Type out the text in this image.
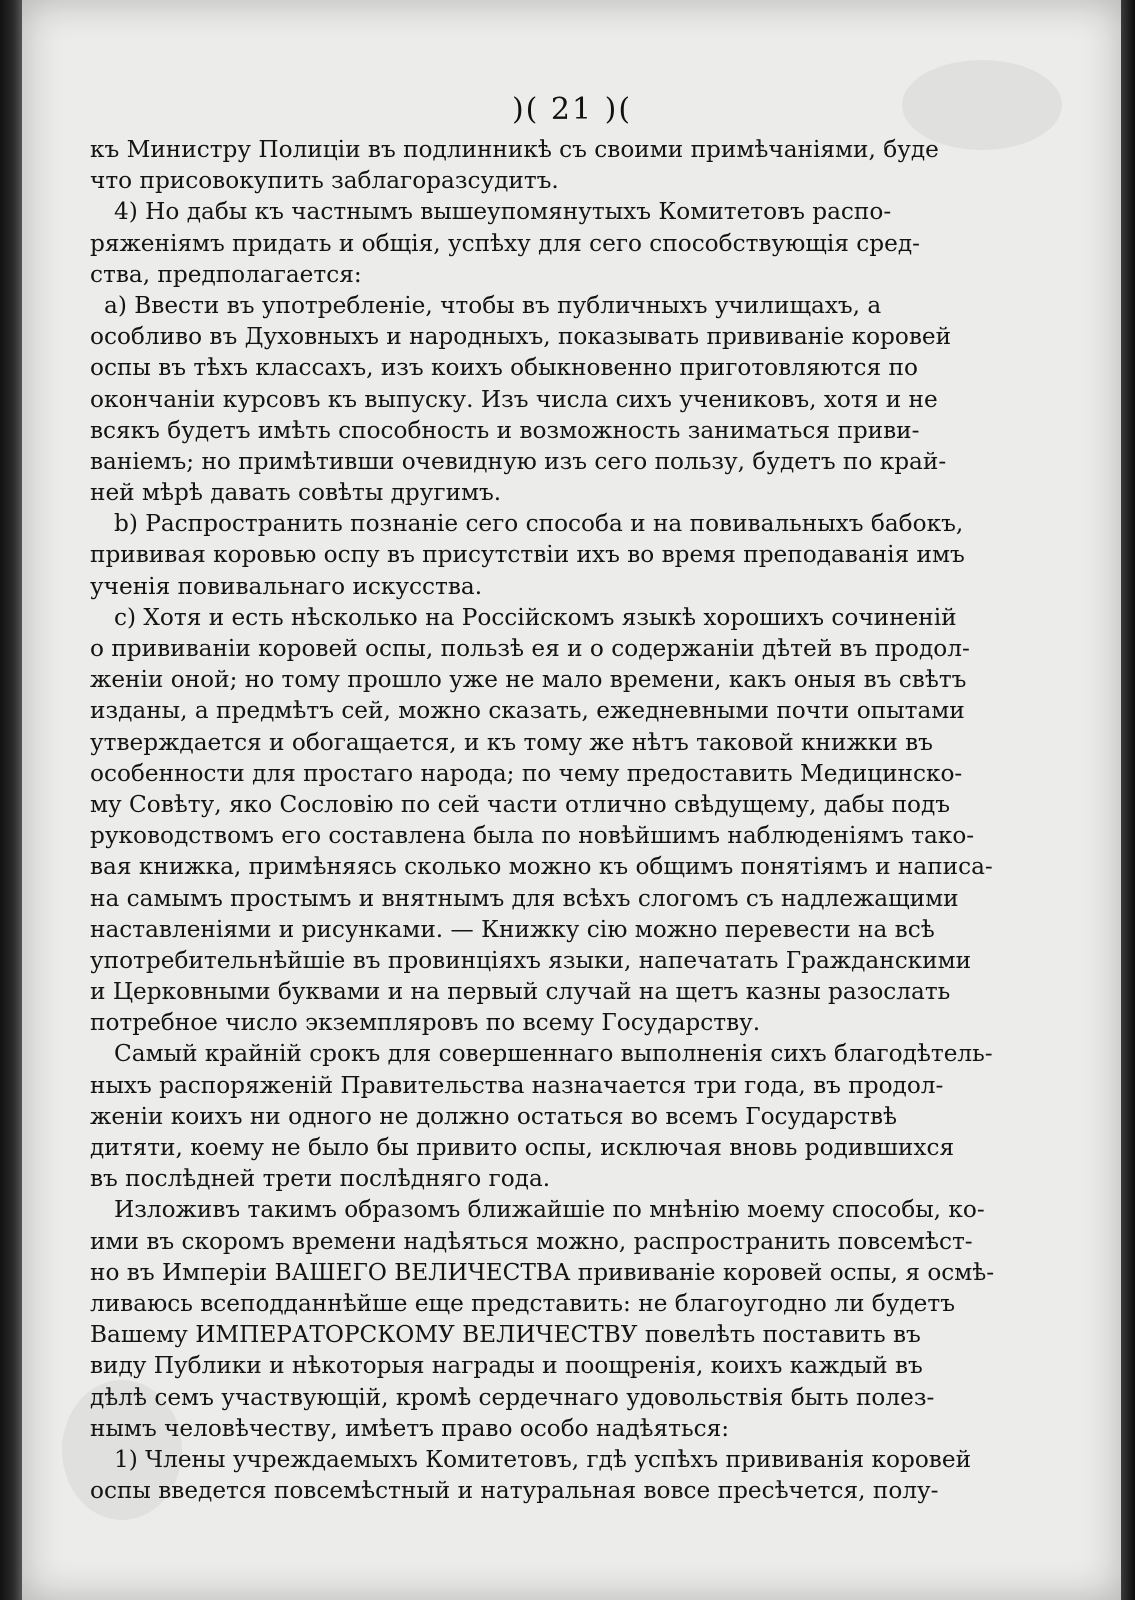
)( 21 )(
къ Министру Полиціи въ подлинникѣ съ своими примѣчаніями, буде
что присовокупить заблагоразсудитъ.
4) Но дабы къ частнымъ вышеупомянутыхъ Комитетовъ распо-
ряженіямъ придать и общія, успѣху для сего способствующія сред-
ства, предполагается:
a) Ввести въ употребленіе, чтобы въ публичныхъ училищахъ, а
особливо въ Духовныхъ и народныхъ, показывать прививаніе коровей
оспы въ тѣхъ классахъ, изъ коихъ обыкновенно приготовляются по
окончаніи курсовъ къ выпуску. Изъ числа сихъ учениковъ, хотя и не
всякъ будетъ имѣть способность и возможность заниматься приви-
ваніемъ; но примѣтивши очевидную изъ сего пользу, будетъ по край-
ней мѣрѣ давать совѣты другимъ.
b) Распространить познаніе сего способа и на повивальныхъ бабокъ,
прививая коровью оспу въ присутствіи ихъ во время преподаванія имъ
ученія повивальнаго искусства.
c) Хотя и есть нѣсколько на Россійскомъ языкѣ хорошихъ сочиненій
о прививаніи коровей оспы, пользѣ ея и о содержаніи дѣтей въ продол-
женіи оной; но тому прошло уже не мало времени, какъ оныя въ свѣтъ
изданы, а предмѣтъ сей, можно сказать, ежедневными почти опытами
утверждается и обогащается, и къ тому же нѣтъ таковой книжки въ
особенности для простаго народа; по чему предоставить Медицинско-
му Совѣту, яко Сословію по сей части отлично свѣдущему, дабы подъ
руководствомъ его составлена была по новѣйшимъ наблюденіямъ тако-
вая книжка, примѣняясь сколько можно къ общимъ понятіямъ и написа-
на самымъ простымъ и внятнымъ для всѣхъ слогомъ съ надлежащими
наставленіями и рисунками. — Книжку сію можно перевести на всѣ
употребительнѣйшіе въ провинціяхъ языки, напечатать Гражданскими
и Церковными буквами и на первый случай на щетъ казны разослать
потребное число экземпляровъ по всему Государству.
Самый крайній срокъ для совершеннаго выполненія сихъ благодѣтель-
ныхъ распоряженій Правительства назначается три года, въ продол-
женіи коихъ ни одного не должно остаться во всемъ Государствѣ
дитяти, коему не было бы привито оспы, исключая вновь родившихся
въ послѣдней трети послѣдняго года.
Изложивъ такимъ образомъ ближайшіе по мнѣнію моему способы, ко-
ими въ скоромъ времени надѣяться можно, распространить повсемѣст-
но въ Имперіи ВАШЕГО ВЕЛИЧЕСТВА прививаніе коровей оспы, я осмѣ-
ливаюсь всеподданнѣйше еще представить: не благоугодно ли будетъ
Вашему ИМПЕРАТОРСКОМУ ВЕЛИЧЕСТВУ повелѣть поставить въ
виду Публики и нѣкоторыя награды и поощренія, коихъ каждый въ
дѣлѣ семъ участвующій, кромѣ сердечнаго удовольствія быть полез-
нымъ человѣчеству, имѣетъ право особо надѣяться:
1) Члены учреждаемыхъ Комитетовъ, гдѣ успѣхъ прививанія коровей
оспы введется повсемѣстный и натуральная вовсе пресѣчется, полу-
